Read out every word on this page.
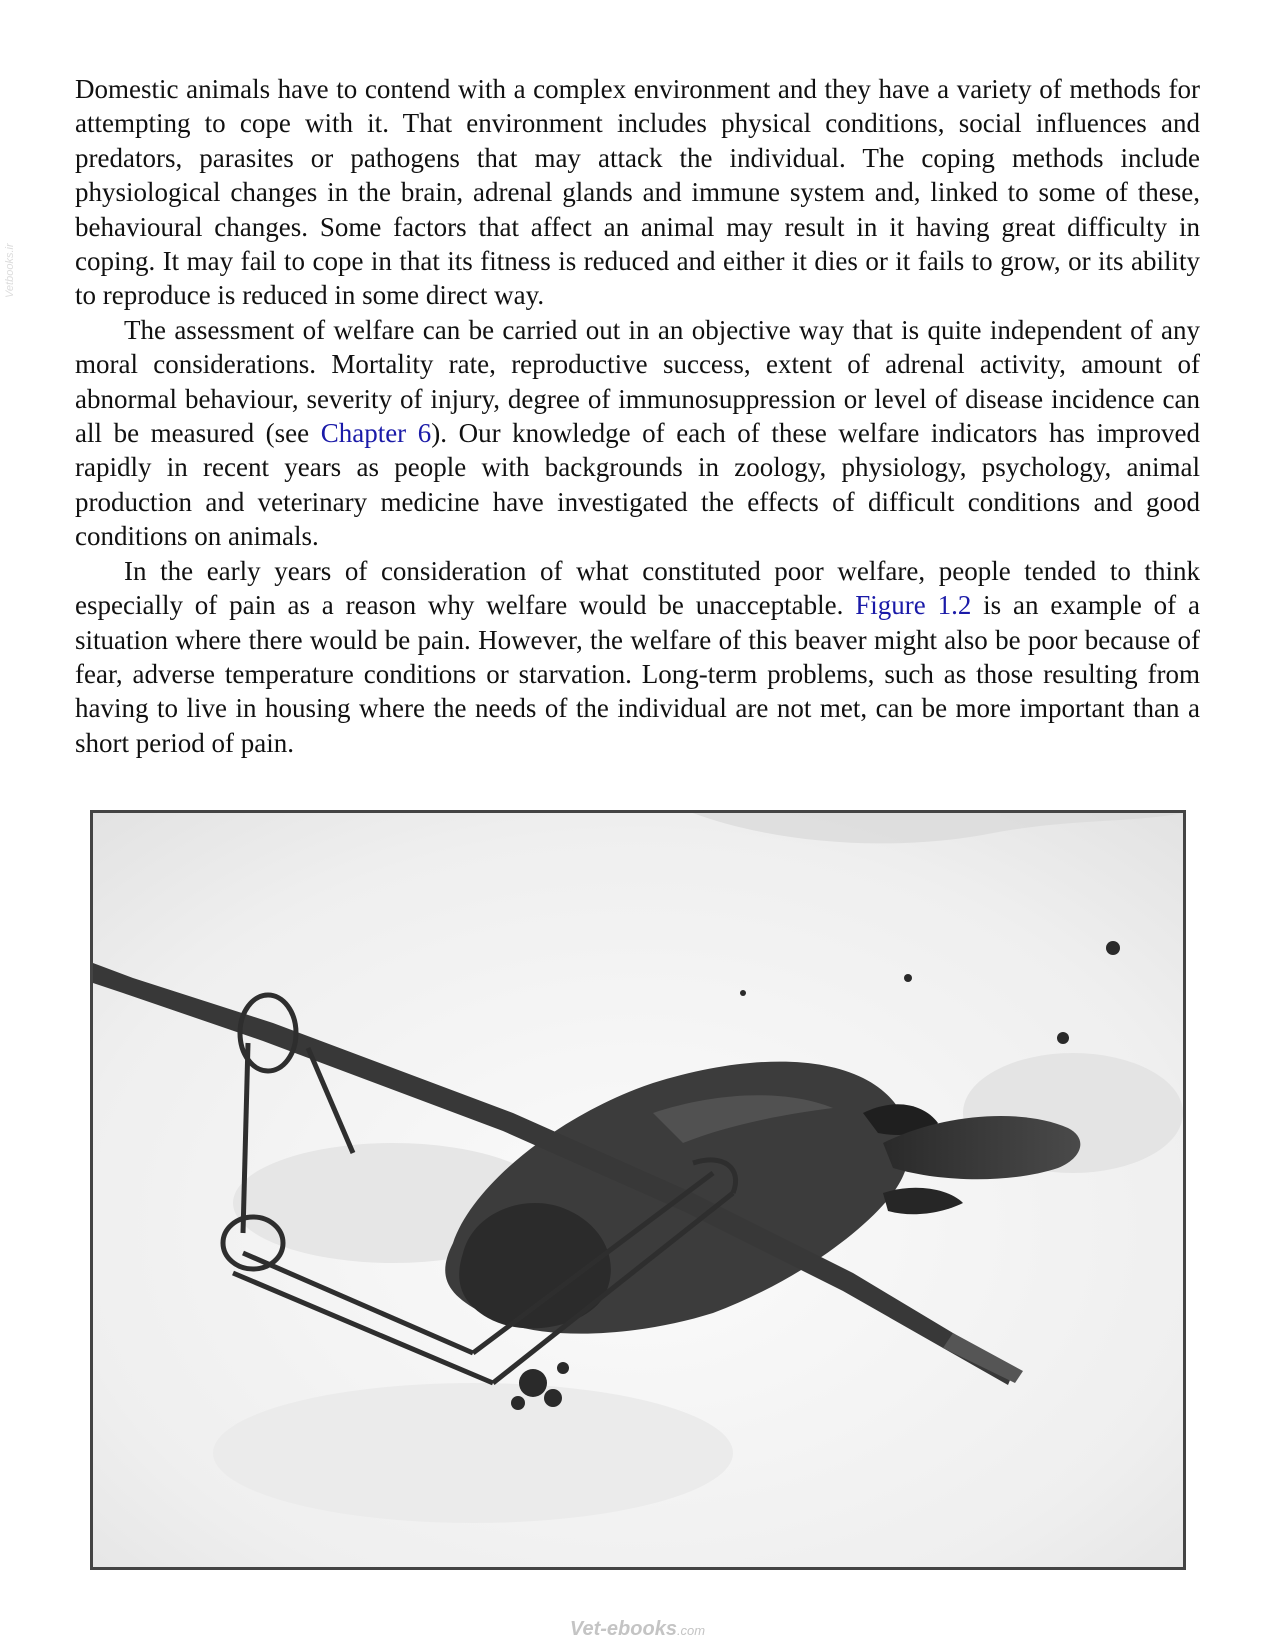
Vetbooks.ir

Domestic animals have to contend with a complex environment and they have a variety of methods for attempting to cope with it. That environment includes physical conditions, social influences and predators, parasites or pathogens that may attack the individual. The coping methods include physiological changes in the brain, adrenal glands and immune system and, linked to some of these, behavioural changes. Some factors that affect an animal may result in it having great difficulty in coping. It may fail to cope in that its fitness is reduced and either it dies or it fails to grow, or its ability to reproduce is reduced in some direct way.

The assessment of welfare can be carried out in an objective way that is quite independent of any moral considerations. Mortality rate, reproductive success, extent of adrenal activity, amount of abnormal behaviour, severity of injury, degree of immunosuppression or level of disease incidence can all be measured (see Chapter 6). Our knowledge of each of these welfare indicators has improved rapidly in recent years as people with backgrounds in zoology, physiology, psychology, animal production and veterinary medicine have investigated the effects of difficult conditions and good conditions on animals.

In the early years of consideration of what constituted poor welfare, people tended to think especially of pain as a reason why welfare would be unacceptable. Figure 1.2 is an example of a situation where there would be pain. However, the welfare of this beaver might also be poor because of fear, adverse temperature conditions or starvation. Long-term problems, such as those resulting from having to live in housing where the needs of the individual are not met, can be more important than a short period of pain.

Vet-ebooks.com
